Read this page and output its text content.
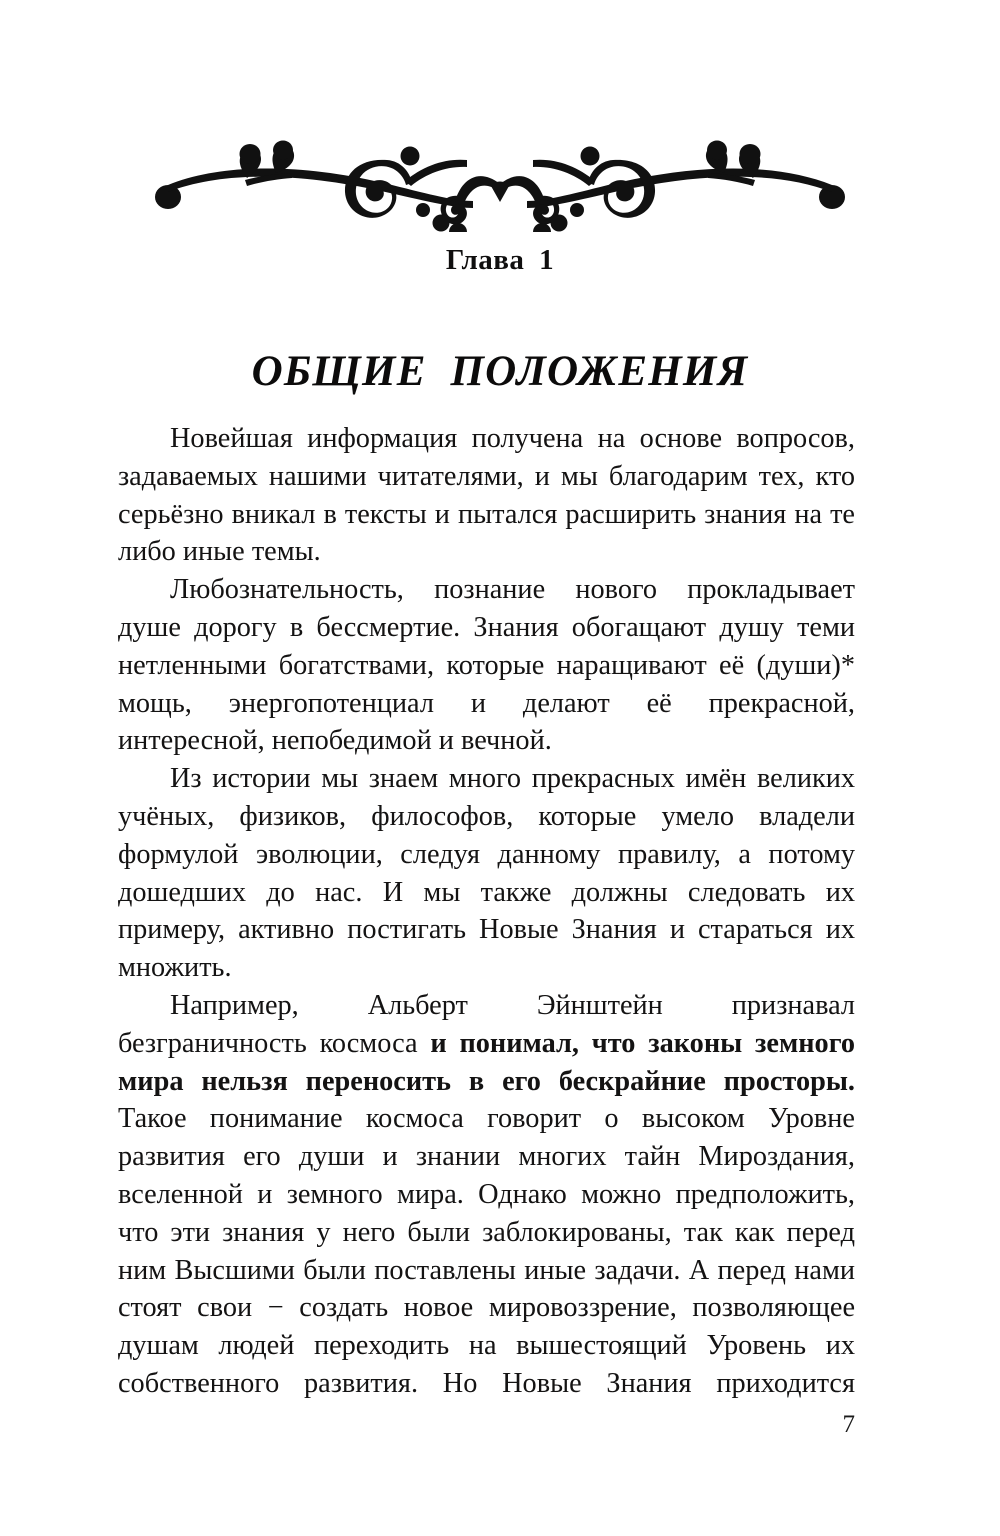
Глава 1
ОБЩИЕ ПОЛОЖЕНИЯ

Новейшая информация получена на основе вопросов, задаваемых нашими читателями, и мы благодарим тех, кто серьёзно вникал в тексты и пытался расширить знания на те либо иные темы.

Любознательность, познание нового прокладывает душе дорогу в бессмертие. Знания обогащают душу теми нетленными богатствами, которые наращивают её (души)* мощь, энергопотенциал и делают её прекрасной, интересной, непобедимой и вечной.

Из истории мы знаем много прекрасных имён великих учёных, физиков, философов, которые умело владели формулой эволюции, следуя данному правилу, а потому дошедших до нас. И мы также должны следовать их примеру, активно постигать Новые Знания и стараться их множить.

Например, Альберт Эйнштейн признавал безграничность космоса и понимал, что законы земного мира нельзя переносить в его бескрайние просторы. Такое понимание космоса говорит о высоком Уровне развития его души и знании многих тайн Мироздания, вселенной и земного мира. Однако можно предположить, что эти знания у него были заблокированы, так как перед ним Высшими были поставлены иные задачи. А перед нами стоят свои − создать новое мировоззрение, позволяющее душам людей переходить на вышестоящий Уровень их собственного развития. Но Новые Знания приходится

7
